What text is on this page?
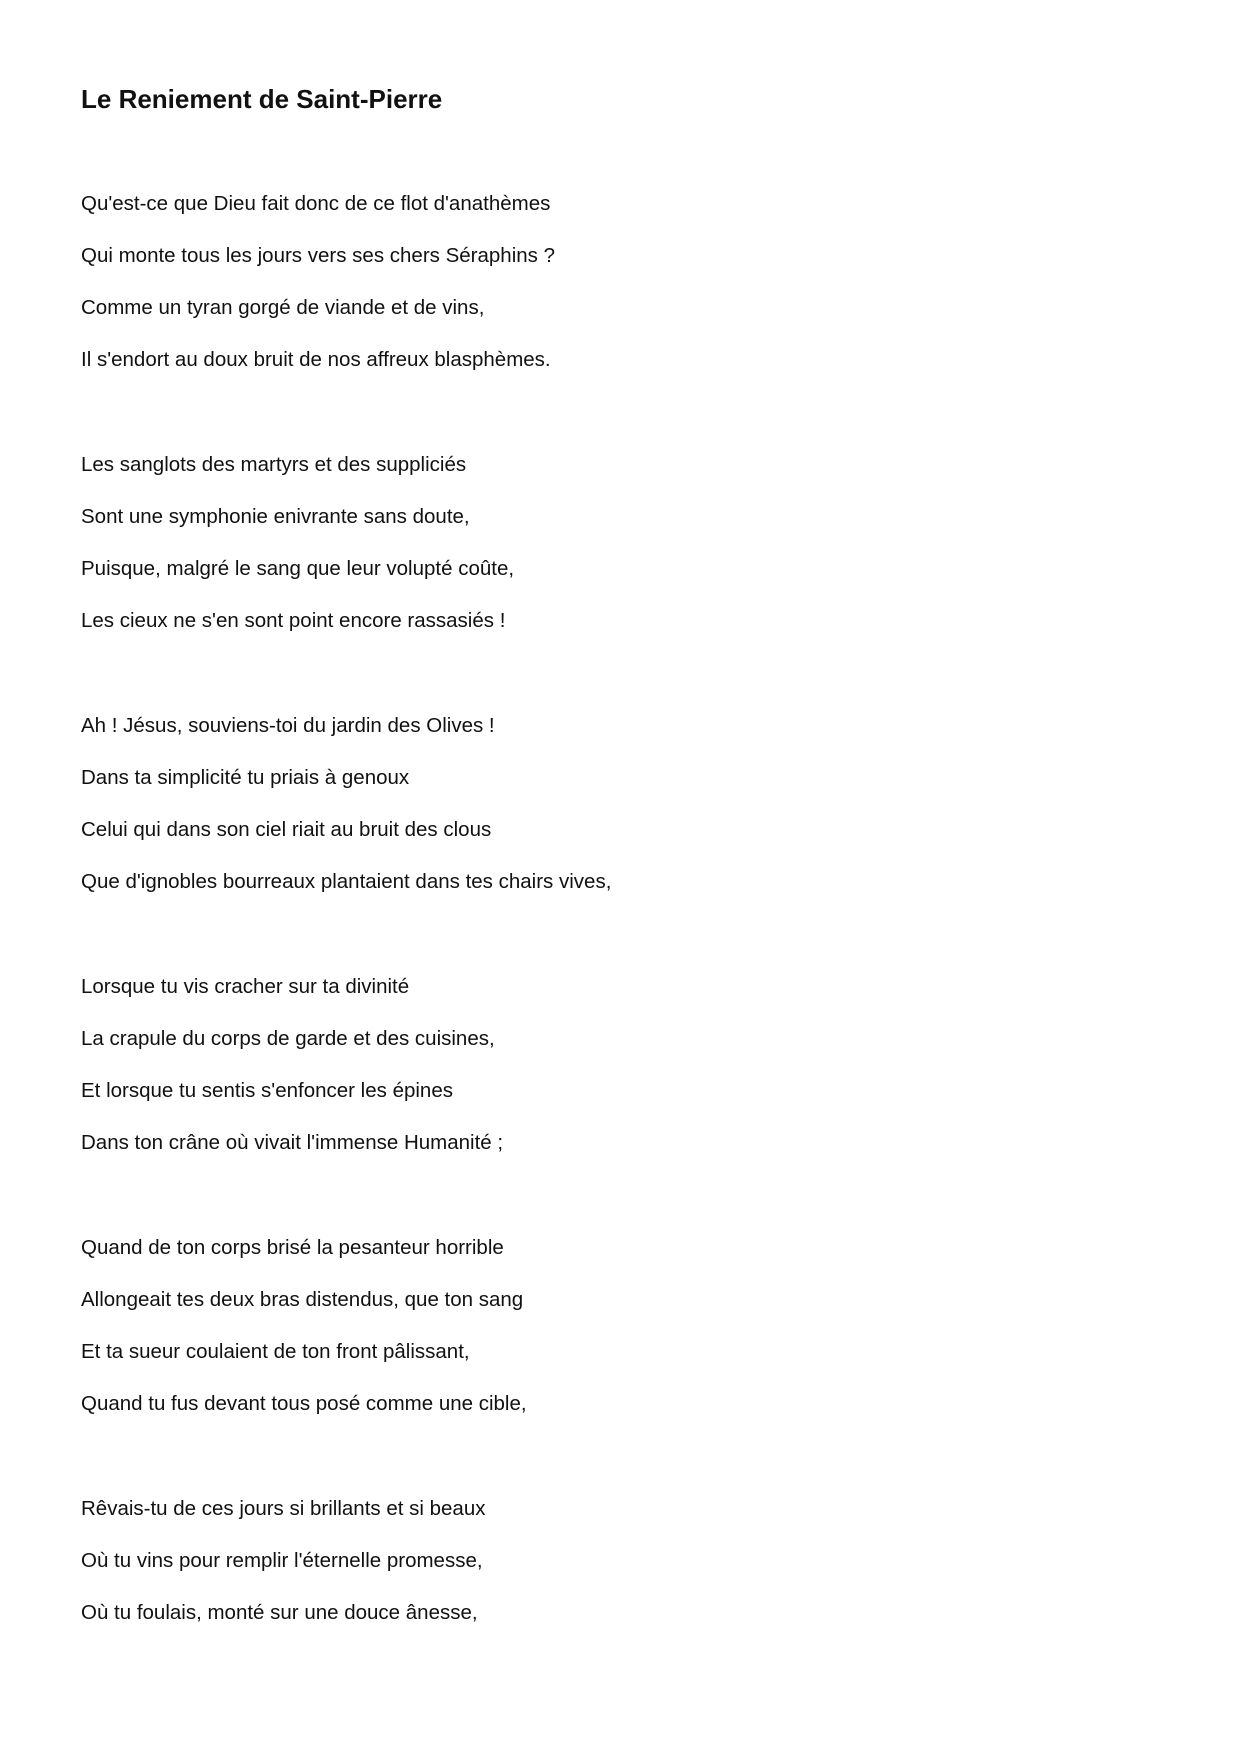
Le Reniement de Saint-Pierre
Qu'est-ce que Dieu fait donc de ce flot d'anathèmes
Qui monte tous les jours vers ses chers Séraphins ?
Comme un tyran gorgé de viande et de vins,
Il s'endort au doux bruit de nos affreux blasphèmes.
Les sanglots des martyrs et des suppliciés
Sont une symphonie enivrante sans doute,
Puisque, malgré le sang que leur volupté coûte,
Les cieux ne s'en sont point encore rassasiés !
Ah ! Jésus, souviens-toi du jardin des Olives !
Dans ta simplicité tu priais à genoux
Celui qui dans son ciel riait au bruit des clous
Que d'ignobles bourreaux plantaient dans tes chairs vives,
Lorsque tu vis cracher sur ta divinité
La crapule du corps de garde et des cuisines,
Et lorsque tu sentis s'enfoncer les épines
Dans ton crâne où vivait l'immense Humanité ;
Quand de ton corps brisé la pesanteur horrible
Allongeait tes deux bras distendus, que ton sang
Et ta sueur coulaient de ton front pâlissant,
Quand tu fus devant tous posé comme une cible,
Rêvais-tu de ces jours si brillants et si beaux
Où tu vins pour remplir l'éternelle promesse,
Où tu foulais, monté sur une douce ânesse,
